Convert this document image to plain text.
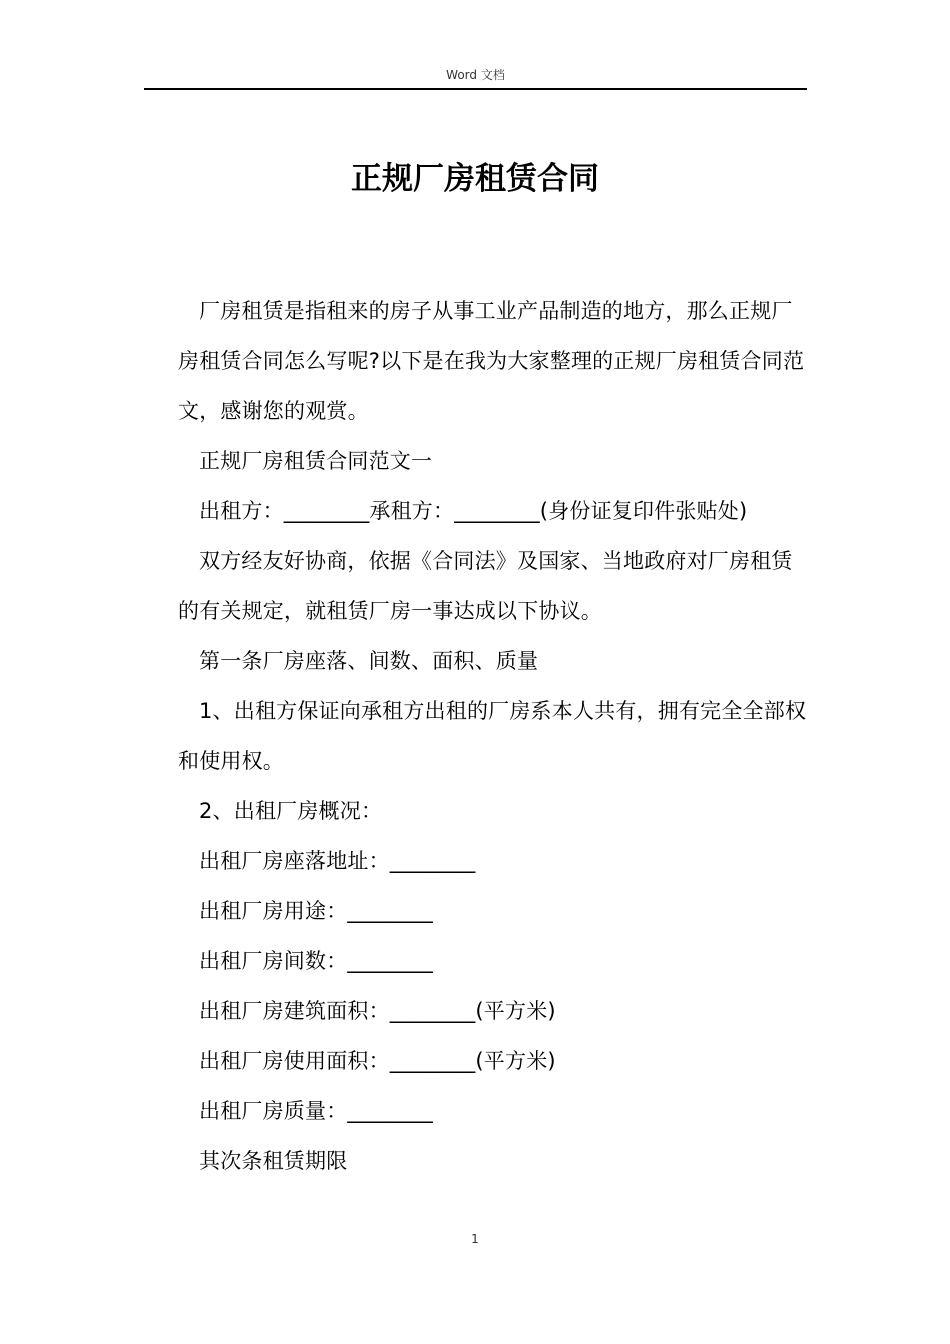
Word 文档
正规厂房租赁合同

厂房租赁是指租来的房子从事工业产品制造的地方，那么正规厂房租赁合同怎么写呢?以下是在我为大家整理的正规厂房租赁合同范文，感谢您的观赏。

正规厂房租赁合同范文一

出租方：________承租方：________(身份证复印件张贴处)

双方经友好协商，依据《合同法》及国家、当地政府对厂房租赁的有关规定，就租赁厂房一事达成以下协议。

第一条厂房座落、间数、面积、质量

1、出租方保证向承租方出租的厂房系本人共有，拥有完全全部权和使用权。

2、出租厂房概况：

出租厂房座落地址：________

出租厂房用途：________

出租厂房间数：________

出租厂房建筑面积：________(平方米)

出租厂房使用面积：________(平方米)

出租厂房质量：________

其次条租赁期限

1
